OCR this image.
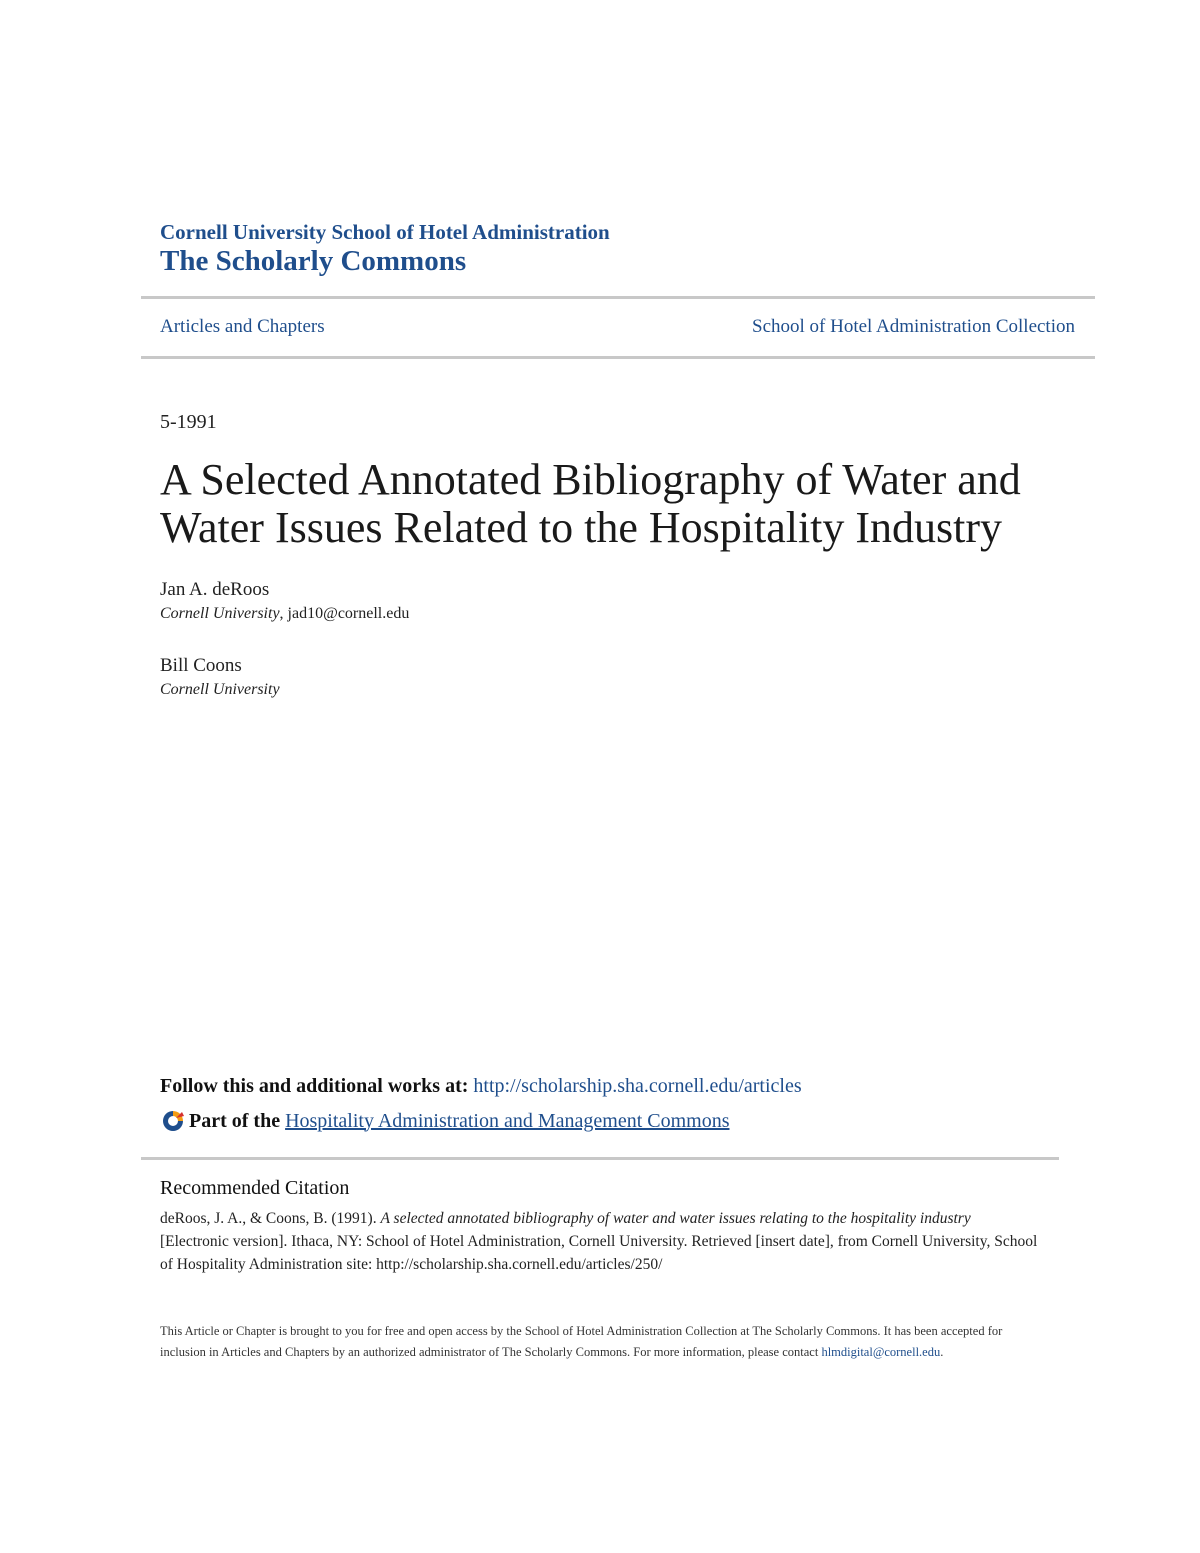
Cornell University School of Hotel Administration
The Scholarly Commons
Articles and Chapters	School of Hotel Administration Collection
5-1991
A Selected Annotated Bibliography of Water and Water Issues Related to the Hospitality Industry
Jan A. deRoos
Cornell University, jad10@cornell.edu
Bill Coons
Cornell University
Follow this and additional works at: http://scholarship.sha.cornell.edu/articles
Part of the
Hospitality Administration and Management Commons
Recommended Citation
deRoos, J. A., & Coons, B. (1991). A selected annotated bibliography of water and water issues relating to the hospitality industry [Electronic version]. Ithaca, NY: School of Hotel Administration, Cornell University. Retrieved [insert date], from Cornell University, School of Hospitality Administration site: http://scholarship.sha.cornell.edu/articles/250/
This Article or Chapter is brought to you for free and open access by the School of Hotel Administration Collection at The Scholarly Commons. It has been accepted for inclusion in Articles and Chapters by an authorized administrator of The Scholarly Commons. For more information, please contact hlmdigital@cornell.edu.
